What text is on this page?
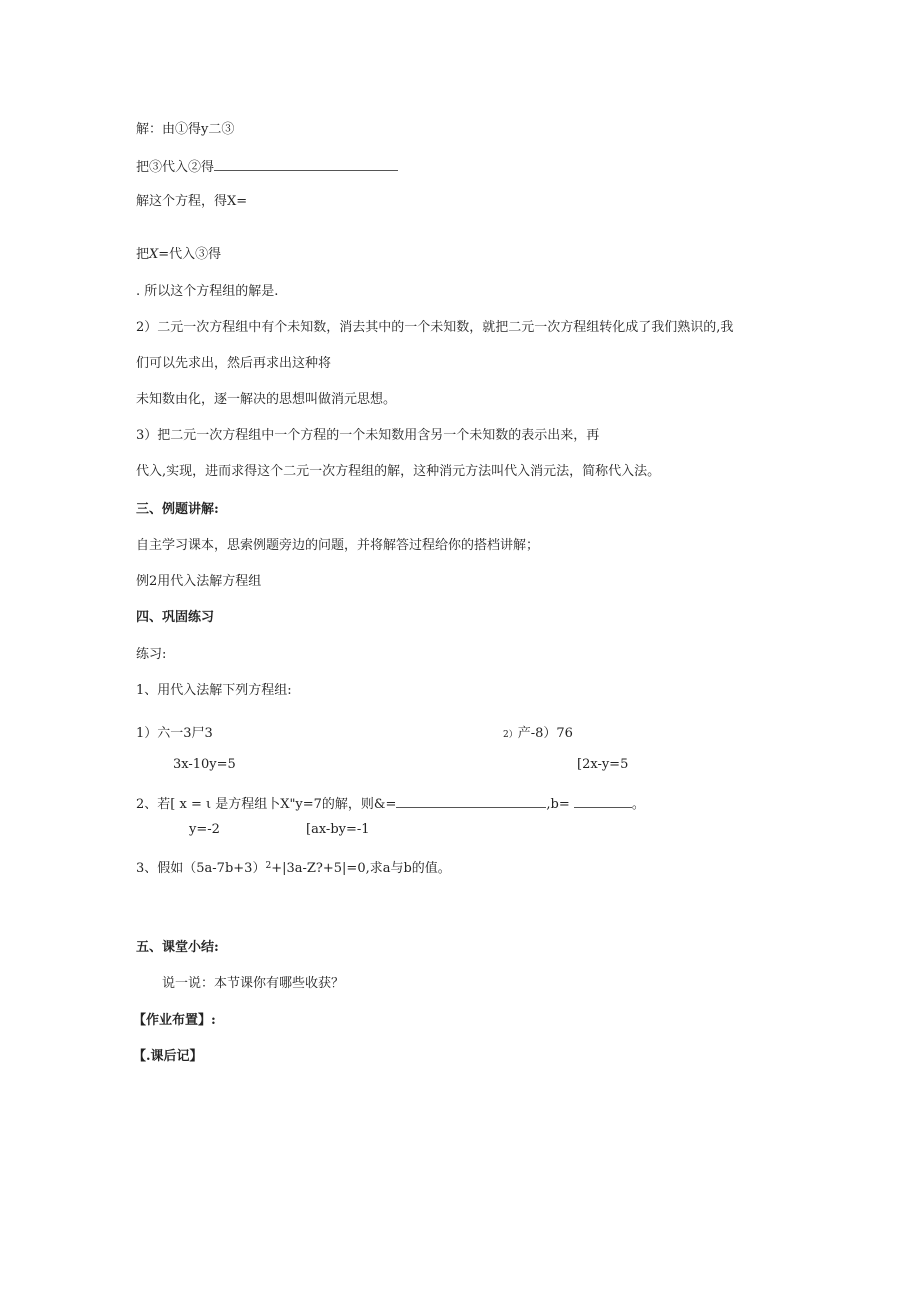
解：由①得y二③
把③代入②得
解这个方程，得X=
把X=代入③得
. 所以这个方程组的解是.
2）二元一次方程组中有个未知数，消去其中的一个未知数，就把二元一次方程组转化成了我们熟识的,我
们可以先求出，然后再求出这种将
未知数由化，逐一解决的思想叫做消元思想。
3）把二元一次方程组中一个方程的一个未知数用含另一个未知数的表示出来，再
代入,实现，进而求得这个二元一次方程组的解，这种消元方法叫代入消元法，简称代入法。
三、例题讲解:
自主学习课本，思索例题旁边的问题，并将解答过程给你的搭档讲解；
例2用代入法解方程组
四、巩固练习
练习:
1、用代入法解下列方程组:
1）六一3尸3
3x-10y=5
2）产-8）76
[2x-y=5
2、若[ x = ι 是方程组卜X"y=7的解，则&=	,b=	。
y=-2	[ax-by=-1
3、假如$(5a-7b+3)^2+|3a-Z?+5|=0$,求a与b的值。
五、课堂小结:
说一说：本节课你有哪些收获？
【作业布置】:
【.课后记】
